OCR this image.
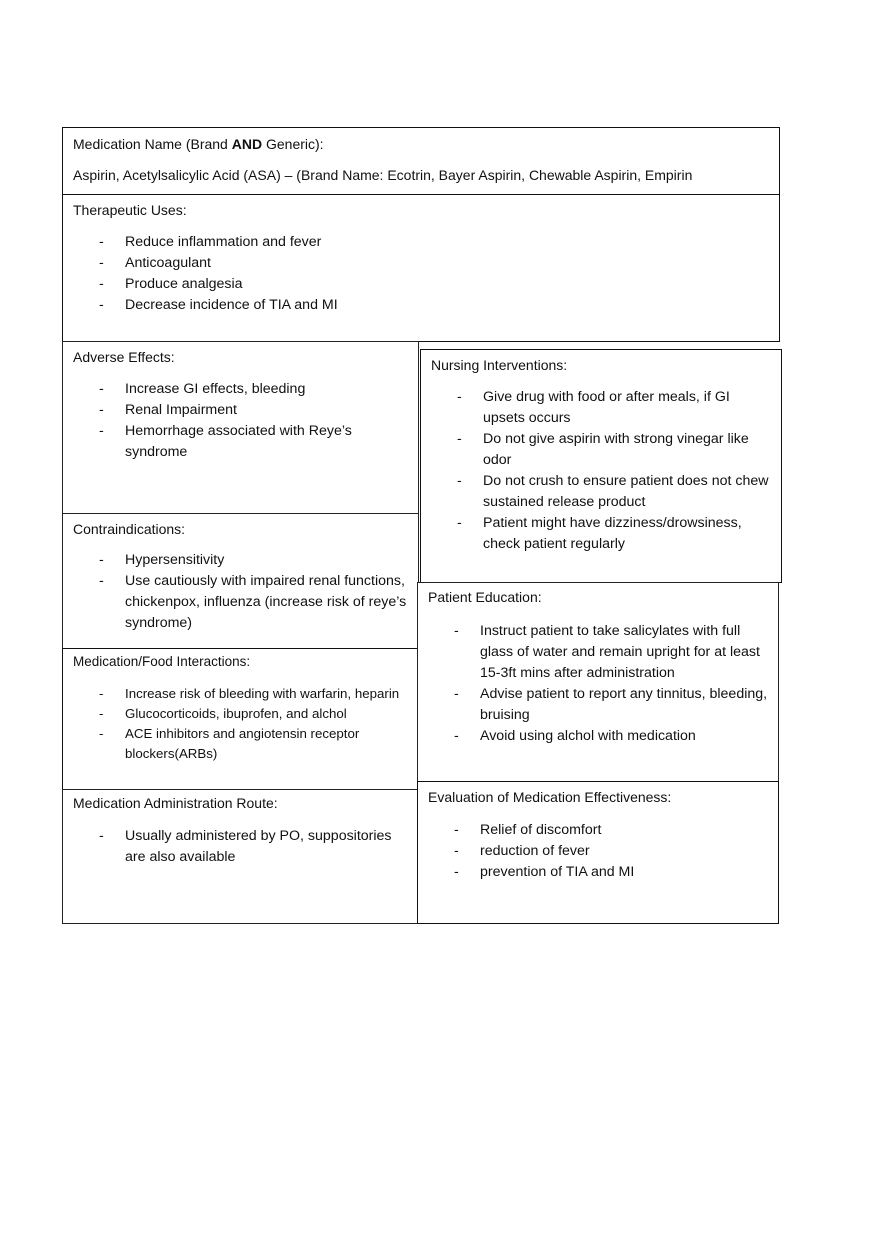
Medication Name (Brand AND Generic):
Aspirin, Acetylsalicylic Acid (ASA) – (Brand Name: Ecotrin, Bayer Aspirin, Chewable Aspirin, Empirin
Therapeutic Uses:
- Reduce inflammation and fever
- Anticoagulant
- Produce analgesia
- Decrease incidence of TIA and MI
Adverse Effects:
- Increase GI effects, bleeding
- Renal Impairment
- Hemorrhage associated with Reye’s syndrome
Contraindications:
- Hypersensitivity
- Use cautiously with impaired renal functions, chickenpox, influenza (increase risk of reye’s syndrome)
Medication/Food Interactions:
- Increase risk of bleeding with warfarin, heparin
- Glucocorticoids, ibuprofen, and alchol
- ACE inhibitors and angiotensin receptor blockers(ARBs)
Medication Administration Route:
- Usually administered by PO, suppositories are also available
Nursing Interventions:
- Give drug with food or after meals, if GI upsets occurs
- Do not give aspirin with strong vinegar like odor
- Do not crush to ensure patient does not chew sustained release product
- Patient might have dizziness/drowsiness, check patient regularly
Patient Education:
- Instruct patient to take salicylates with full glass of water and remain upright for at least 15-3ft mins after administration
- Advise patient to report any tinnitus, bleeding, bruising
- Avoid using alchol with medication
Evaluation of Medication Effectiveness:
- Relief of discomfort
- reduction of fever
- prevention of TIA and MI
